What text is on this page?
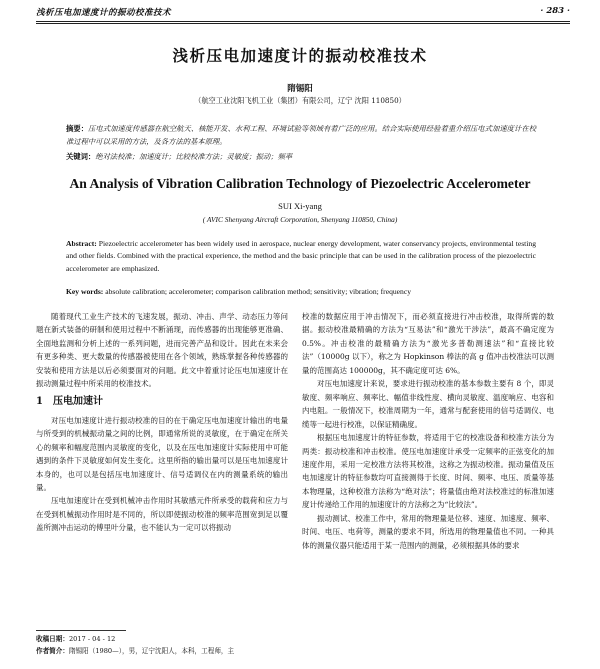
浅析压电加速度计的振动校准技术	· 283 ·
浅析压电加速度计的振动校准技术
隋锡阳
（航空工业沈阳飞机工业（集团）有限公司，辽宁 沈阳 110850）
摘要：压电式加速度传感器在航空航天、核能开发、水利工程、环境试验等领域有着广泛的应用。结合实际使用经验着重介绍压电式加速度计在校准过程中可以采用的方法，及各方法的基本原理。
关键词：绝对法校准；加速度计；比较校准方法；灵敏度；振动；频率
An Analysis of Vibration Calibration Technology of Piezoelectric Accelerometer
SUI Xi-yang
( AVIC Shenyang Aircraft Corporation, Shenyang 110850, China)
Abstract: Piezoelectric accelerometer has been widely used in aerospace, nuclear energy development, water conservancy projects, environmental testing and other fields. Combined with the practical experience, the method and the basic principle that can be used in the calibration process of the piezoelectric accelerometer are emphasized.
Key words: absolute calibration; accelerometer; comparison calibration method; sensitivity; vibration; frequency

随着现代工业生产技术的飞速发展，振动、冲击、声学、动态压力等问题在新式装备的研制和使用过程中不断涌现，而传感器的出现能够更准确、全面地监测和分析上述的一系列问题，进而完善产品和设计。因此在未来会有更多种类、更大数量的传感器被使用在各个领域，熟练掌握各种传感器的安装和使用方法是以后必须要面对的问题。此文中着重讨论压电加速度计在振动测量过程中所采用的校准技术。

1　压电加速计

对压电加速度计进行振动校准的目的在于确定压电加速度计输出的电量与所受到的机械振动量之间的比例，即通常所说的灵敏度，在于确定在所关心的频率和幅度范围内灵敏度的变化，以及在压电加速度计实际使用中可能遇到的条件下灵敏度如何发生变化。这里所指的输出量可以是压电加速度计本身的，也可以是包括压电加速度计、信号适调仪在内的测量系统的输出量。

压电加速度计在受到机械冲击作用时其敏感元件所承受的载荷和应力与在受到机械振动作用时是不同的，所以即使振动校准的频率范围宽到足以覆盖所测冲击运动的傅里叶分量，也不能认为一定可以将振动

校准的数据应用于冲击情况下，而必须直接进行冲击校准，取得所需的数据。振动校准最精确的方法为“互易法”和“激光干涉法”，最高不确定度为 0.5%。冲击校准的最精确方法为“激光多普勒测速法”和“直接比较法”（10000g 以下），称之为 Hopkinson 棒法的高 g 值冲击校准法可以测量的范围高达 100000g，其不确定度可达 6%。

对压电加速度计来说，要求进行振动校准的基本参数主要有 8 个，即灵敏度、频率响应、频率比、幅值非线性度、横向灵敏度、温度响应、电容和内电阻。一般情况下，校准周期为一年，通常与配套使用的信号适调仪、电缆等一起进行校准，以保证精确度。

根据压电加速度计的特征参数，将适用于它的校准设备和校准方法分为两类：振动校准和冲击校准。使压电加速度计承受一定频率的正弦变化的加速度作用，采用一定校准方法将其校准，这称之为振动校准。振动量值及压电加速度计的特征参数均可直接测得于长度、时间、频率、电压、质量等基本物理量，这种校准方法称为“绝对法”；将量值由绝对法校准过的标准加速度计传递给工作用的加速度计的方法称之为“比较法”。

振动测试、校准工作中，常用的物理量是位移、速度、加速度、频率、时间、电压、电荷等，测量的要求不同，所选用的物理量值也不同。一种具体的测量仪器只能适用于某一范围内的测量，必须根据具体的要求

收稿日期：2017 - 04 - 12
作者简介：隋锡阳（1980—），男，辽宁沈阳人，本科，工程师，主
